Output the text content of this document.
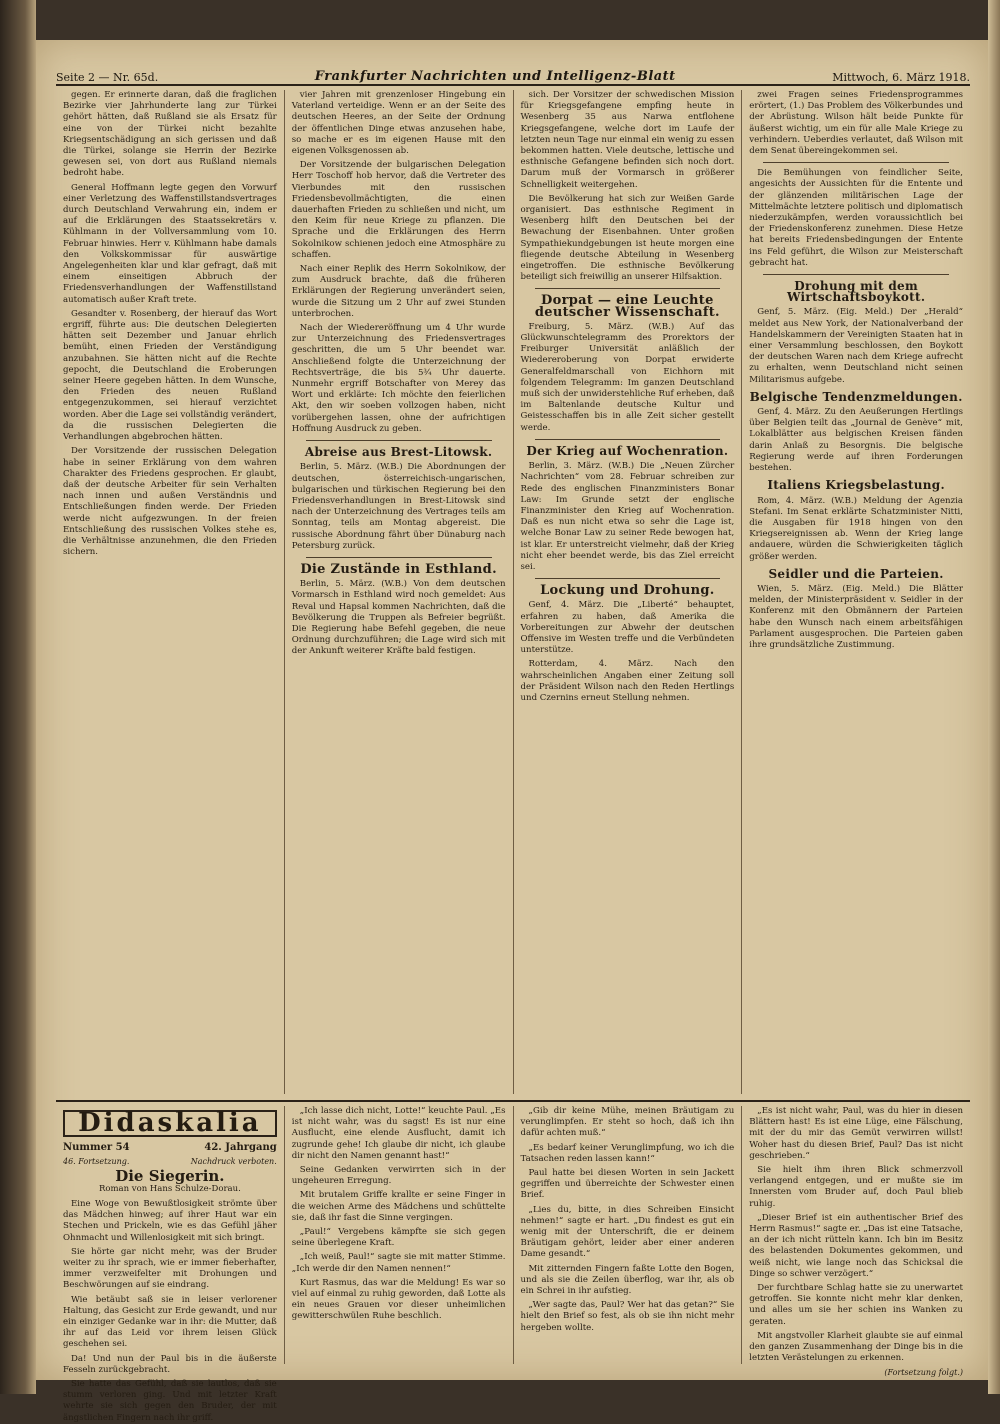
Seite 2 — Nr. 65d.	Frankfurter Nachrichten und Intelligenz-Blatt	Mittwoch, 6. März 1918.

gegen. Er erinnerte daran, daß die fraglichen Bezirke vier Jahrhunderte lang zur Türkei gehört hätten, daß Rußland sie als Ersatz für eine von der Türkei nicht bezahlte Kriegsentschädigung an sich gerissen und daß die Türkei, solange sie Herrin der Bezirke gewesen sei, von dort aus Rußland niemals bedroht habe.

General Hoffmann legte gegen den Vorwurf einer Verletzung des Waffenstillstandsvertrages durch Deutschland Verwahrung ein, indem er auf die Erklärungen des Staatssekretärs v. Kühlmann in der Vollversammlung vom 10. Februar hinwies. Herr v. Kühlmann habe damals den Volkskommissar für auswärtige Angelegenheiten klar und klar gefragt, daß mit einem einseitigen Abbruch der Friedensverhandlungen der Waffenstillstand automatisch außer Kraft trete.

Gesandter v. Rosenberg, der hierauf das Wort ergriff, führte aus: Die deutschen Delegierten hätten seit Dezember und Januar ehrlich bemüht, einen Frieden der Verständigung anzubahnen. Sie hätten nicht auf die Rechte gepocht, die Deutschland die Eroberungen seiner Heere gegeben hätten. In dem Wunsche, den Frieden des neuen Rußland entgegenzukommen, sei hierauf verzichtet worden. Aber die Lage sei vollständig verändert, da die russischen Delegierten die Verhandlungen abgebrochen hätten.

Der Vorsitzende der russischen Delegation habe in seiner Erklärung von dem wahren Charakter des Friedens gesprochen. Er glaubt, daß der deutsche Arbeiter für sein Verhalten nach innen und außen Verständnis und Entschließungen finden werde. Der Frieden werde nicht aufgezwungen. In der freien Entschließung des russischen Volkes stehe es, die Verhältnisse anzunehmen, die den Frieden sichern.

vier Jahren mit grenzenloser Hingebung ein Vaterland verteidige. Wenn er an der Seite des deutschen Heeres, an der Seite der Ordnung der öffentlichen Dinge etwas anzusehen habe, so mache er es im eigenen Hause mit den eigenen Volksgenossen ab.

Der Vorsitzende der bulgarischen Delegation Herr Toschoff hob hervor, daß die Vertreter des Vierbundes mit den russischen Friedensbevollmächtigten, die einen dauerhaften Frieden zu schließen und nicht, um den Keim für neue Kriege zu pflanzen. Die Sprache und die Erklärungen des Herrn Sokolnikow schienen jedoch eine Atmosphäre zu schaffen.

Nach einer Replik des Herrn Sokolnikow, der zum Ausdruck brachte, daß die früheren Erklärungen der Regierung unverändert seien, wurde die Sitzung um 2 Uhr auf zwei Stunden unterbrochen.

Nach der Wiedereröffnung um 4 Uhr wurde zur Unterzeichnung des Friedensvertrages geschritten, die um 5 Uhr beendet war. Anschließend folgte die Unterzeichnung der Rechtsverträge, die bis 5¾ Uhr dauerte. Nunmehr ergriff Botschafter von Merey das Wort und erklärte: Ich möchte den feierlichen Akt, den wir soeben vollzogen haben, nicht vorübergehen lassen, ohne der aufrichtigen Hoffnung Ausdruck zu geben.

Abreise aus Brest-Litowsk.

Berlin, 5. März. (W.B.) Die Abordnungen der deutschen, österreichisch-ungarischen, bulgarischen und türkischen Regierung bei den Friedensverhandlungen in Brest-Litowsk sind nach der Unterzeichnung des Vertrages teils am Sonntag, teils am Montag abgereist. Die russische Abordnung fährt über Dünaburg nach Petersburg zurück.

Die Zustände in Esthland.

Berlin, 5. März. (W.B.) Von dem deutschen Vormarsch in Esthland wird noch gemeldet: Aus Reval und Hapsal kommen Nachrichten, daß die Bevölkerung die Truppen als Befreier begrüßt. Die Regierung habe Befehl gegeben, die neue Ordnung durchzuführen; die Lage wird sich mit der Ankunft weiterer Kräfte bald festigen.

sich. Der Vorsitzer der schwedischen Mission für Kriegsgefangene empfing heute in Wesenberg 35 aus Narwa entflohene Kriegsgefangene, welche dort im Laufe der letzten neun Tage nur einmal ein wenig zu essen bekommen hatten. Viele deutsche, lettische und esthnische Gefangene befinden sich noch dort. Darum muß der Vormarsch in größerer Schnelligkeit weitergehen.

Die Bevölkerung hat sich zur Weißen Garde organisiert. Das esthnische Regiment in Wesenberg hilft den Deutschen bei der Bewachung der Eisenbahnen. Unter großen Sympathiekundgebungen ist heute morgen eine fliegende deutsche Abteilung in Wesenberg eingetroffen. Die esthnische Bevölkerung beteiligt sich freiwillig an unserer Hilfsaktion.

Dorpat — eine Leuchte deutscher Wissenschaft.

Freiburg, 5. März. (W.B.) Auf das Glückwunschtelegramm des Prorektors der Freiburger Universität anläßlich der Wiedereroberung von Dorpat erwiderte Generalfeldmarschall von Eichhorn mit folgendem Telegramm: Im ganzen Deutschland muß sich der unwiderstehliche Ruf erheben, daß im Baltenlande deutsche Kultur und Geistesschaffen bis in alle Zeit sicher gestellt werde.

Der Krieg auf Wochenration.

Berlin, 3. März. (W.B.) Die „Neuen Zürcher Nachrichten“ vom 28. Februar schreiben zur Rede des englischen Finanzministers Bonar Law: Im Grunde setzt der englische Finanzminister den Krieg auf Wochenration. Daß es nun nicht etwa so sehr die Lage ist, welche Bonar Law zu seiner Rede bewogen hat, ist klar. Er unterstreicht vielmehr, daß der Krieg nicht eher beendet werde, bis das Ziel erreicht sei.

Lockung und Drohung.

Genf, 4. März. Die „Liberté“ behauptet, erfahren zu haben, daß Amerika die Vorbereitungen zur Abwehr der deutschen Offensive im Westen treffe und die Verbündeten unterstütze.

Rotterdam, 4. März. Nach den wahrscheinlichen Angaben einer Zeitung soll der Präsident Wilson nach den Reden Hertlings und Czernins erneut Stellung nehmen.

zwei Fragen seines Friedensprogrammes erörtert, (1.) Das Problem des Völkerbundes und der Abrüstung. Wilson hält beide Punkte für äußerst wichtig, um ein für alle Male Kriege zu verhindern. Ueberdies verlautet, daß Wilson mit dem Senat übereingekommen sei.

Die Bemühungen von feindlicher Seite, angesichts der Aussichten für die Entente und der glänzenden militärischen Lage der Mittelmächte letztere politisch und diplomatisch niederzukämpfen, werden voraussichtlich bei der Friedenskonferenz zunehmen. Diese Hetze hat bereits Friedensbedingungen der Entente ins Feld geführt, die Wilson zur Meisterschaft gebracht hat.

Drohung mit dem Wirtschaftsboykott.

Genf, 5. März. (Eig. Meld.) Der „Herald“ meldet aus New York, der Nationalverband der Handelskammern der Vereinigten Staaten hat in einer Versammlung beschlossen, den Boykott der deutschen Waren nach dem Kriege aufrecht zu erhalten, wenn Deutschland nicht seinen Militarismus aufgebe.

Belgische Tendenzmeldungen.

Genf, 4. März. Zu den Aeußerungen Hertlings über Belgien teilt das „Journal de Genève“ mit, Lokalblätter aus belgischen Kreisen fänden darin Anlaß zu Besorgnis. Die belgische Regierung werde auf ihren Forderungen bestehen.

Italiens Kriegsbelastung.

Rom, 4. März. (W.B.) Meldung der Agenzia Stefani. Im Senat erklärte Schatzminister Nitti, die Ausgaben für 1918 hingen von den Kriegsereignissen ab. Wenn der Krieg lange andauere, würden die Schwierigkeiten täglich größer werden.

Seidler und die Parteien.

Wien, 5. März. (Eig. Meld.) Die Blätter melden, der Ministerpräsident v. Seidler in der Konferenz mit den Obmännern der Parteien habe den Wunsch nach einem arbeitsfähigen Parlament ausgesprochen. Die Parteien gaben ihre grundsätzliche Zustimmung.

Didaskalia
Nummer 54	42. Jahrgang
46. Fortsetzung.	Nachdruck verboten.
Die Siegerin.
Roman von Hans Schulze-Dorau.

Eine Woge von Bewußtlosigkeit strömte über das Mädchen hinweg; auf ihrer Haut war ein Stechen und Prickeln, wie es das Gefühl jäher Ohnmacht und Willenlosigkeit mit sich bringt.

Sie hörte gar nicht mehr, was der Bruder weiter zu ihr sprach, wie er immer fieberhafter, immer verzweifelter mit Drohungen und Beschwörungen auf sie eindrang.

Wie betäubt saß sie in leiser verlorener Haltung, das Gesicht zur Erde gewandt, und nur ein einziger Gedanke war in ihr: die Mutter, daß ihr auf das Leid vor ihrem leisen Glück geschehen sei.

Da! Und nun der Paul bis in die äußerste Fesseln zurückgebracht.

Sie hatte das Gefühl, daß sie lautlos, daß sie stumm verloren ging. Und mit letzter Kraft wehrte sie sich gegen den Bruder, der mit ängstlichen Fingern nach ihr griff.

„Ich lasse dich nicht, Lotte!“ keuchte Paul. „Es ist nicht wahr, was du sagst! Es ist nur eine Ausflucht, eine elende Ausflucht, damit ich zugrunde gehe! Ich glaube dir nicht, ich glaube dir nicht den Namen genannt hast!“

Seine Gedanken verwirrten sich in der ungeheuren Erregung.

Mit brutalem Griffe krallte er seine Finger in die weichen Arme des Mädchens und schüttelte sie, daß ihr fast die Sinne vergingen.

„Paul!“ Vergebens kämpfte sie sich gegen seine überlegene Kraft.

„Ich weiß, Paul!“ sagte sie mit matter Stimme. „Ich werde dir den Namen nennen!“

Kurt Rasmus, das war die Meldung! Es war so viel auf einmal zu ruhig geworden, daß Lotte als ein neues Grauen vor dieser unheimlichen gewitterschwülen Ruhe beschlich.

„Gib dir keine Mühe, meinen Bräutigam zu verunglimpfen. Er steht so hoch, daß ich ihn dafür achten muß.“

„Es bedarf keiner Verunglimpfung, wo ich die Tatsachen reden lassen kann!“

Paul hatte bei diesen Worten in sein Jackett gegriffen und überreichte der Schwester einen Brief.

„Lies du, bitte, in dies Schreiben Einsicht nehmen!“ sagte er hart. „Du findest es gut ein wenig mit der Unterschrift, die er deinem Bräutigam gehört, leider aber einer anderen Dame gesandt.“

Mit zitternden Fingern faßte Lotte den Bogen, und als sie die Zeilen überflog, war ihr, als ob ein Schrei in ihr aufstieg.

„Wer sagte das, Paul? Wer hat das getan?“ Sie hielt den Brief so fest, als ob sie ihn nicht mehr hergeben wollte.

„Es ist nicht wahr, Paul, was du hier in diesen Blättern hast! Es ist eine Lüge, eine Fälschung, mit der du mir das Gemüt verwirren willst! Woher hast du diesen Brief, Paul? Das ist nicht geschrieben.“

Sie hielt ihm ihren Blick schmerzvoll verlangend entgegen, und er mußte sie im Innersten vom Bruder auf, doch Paul blieb ruhig.

„Dieser Brief ist ein authentischer Brief des Herrn Rasmus!“ sagte er. „Das ist eine Tatsache, an der ich nicht rütteln kann. Ich bin im Besitz des belastenden Dokumentes gekommen, und weiß nicht, wie lange noch das Schicksal die Dinge so schwer verzögert.“

Der furchtbare Schlag hatte sie zu unerwartet getroffen. Sie konnte nicht mehr klar denken, und alles um sie her schien ins Wanken zu geraten.

Mit angstvoller Klarheit glaubte sie auf einmal den ganzen Zusammenhang der Dinge bis in die letzten Verästelungen zu erkennen.

(Fortsetzung folgt.)
